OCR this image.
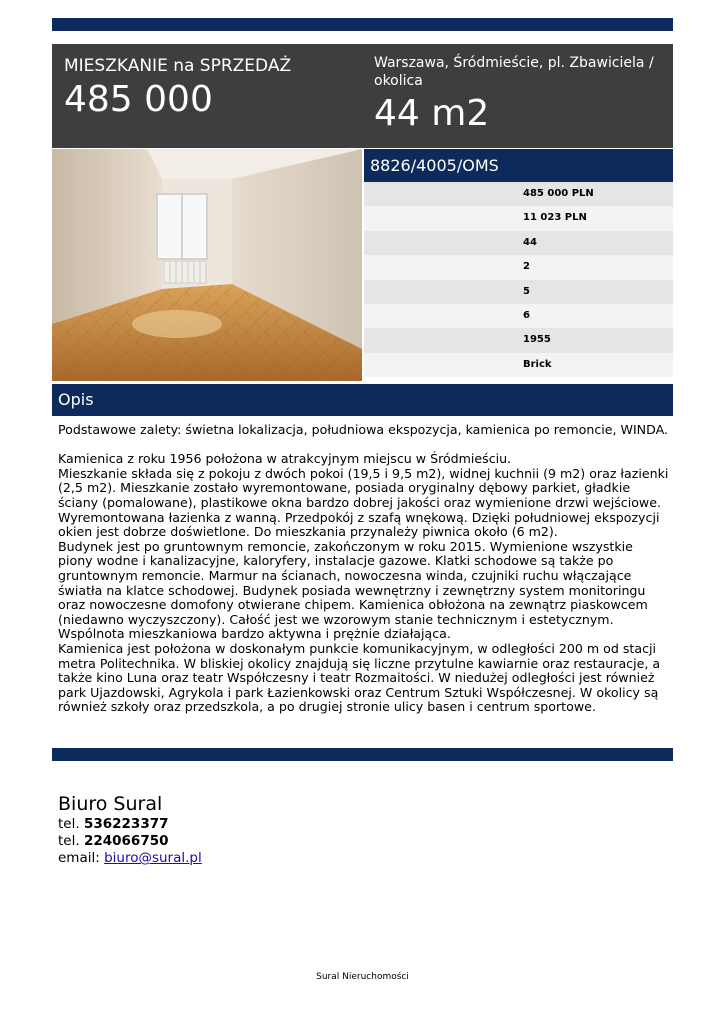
MIESZKANIE na SPRZEDAŻ
485 000
Warszawa, Śródmieście, pl. Zbawiciela / okolica
44 m2
8826/4005/OMS
485 000 PLN
11 023 PLN
44
2
5
6
1955
Brick
Opis

Podstawowe zalety: świetna lokalizacja, południowa ekspozycja, kamienica po remoncie, WINDA.

Kamienica z roku 1956 położona w atrakcyjnym miejscu w Śródmieściu.
Mieszkanie składa się z pokoju z dwóch pokoi (19,5 i 9,5 m2), widnej kuchnii (9 m2) oraz łazienki (2,5 m2). Mieszkanie zostało wyremontowane, posiada oryginalny dębowy parkiet, gładkie ściany (pomalowane), plastikowe okna bardzo dobrej jakości oraz wymienione drzwi wejściowe. Wyremontowana łazienka z wanną. Przedpokój z szafą wnękową. Dzięki południowej ekspozycji okien jest dobrze doświetlone. Do mieszkania przynależy piwnica około (6 m2).
Budynek jest po gruntownym remoncie, zakończonym w roku 2015. Wymienione wszystkie piony wodne i kanalizacyjne, kaloryfery, instalacje gazowe. Klatki schodowe są także po gruntownym remoncie. Marmur na ścianach, nowoczesna winda, czujniki ruchu włączające światła na klatce schodowej. Budynek posiada wewnętrzny i zewnętrzny system monitoringu oraz nowoczesne domofony otwierane chipem. Kamienica obłożona na zewnątrz piaskowcem (niedawno wyczyszczony). Całość jest we wzorowym stanie technicznym i estetycznym. Wspólnota mieszkaniowa bardzo aktywna i prężnie działająca.
Kamienica jest położona w doskonałym punkcie komunikacyjnym, w odległości 200 m od stacji metra Politechnika. W bliskiej okolicy znajdują się liczne przytulne kawiarnie oraz restauracje, a także kino Luna oraz teatr Współczesny i teatr Rozmaitości. W niedużej odległości jest również park Ujazdowski, Agrykola i park Łazienkowski oraz Centrum Sztuki Współczesnej. W okolicy są również szkoły oraz przedszkola, a po drugiej stronie ulicy basen i centrum sportowe.

Biuro Sural
tel. 536223377
tel. 224066750
email: biuro@sural.pl
Sural Nieruchomości
